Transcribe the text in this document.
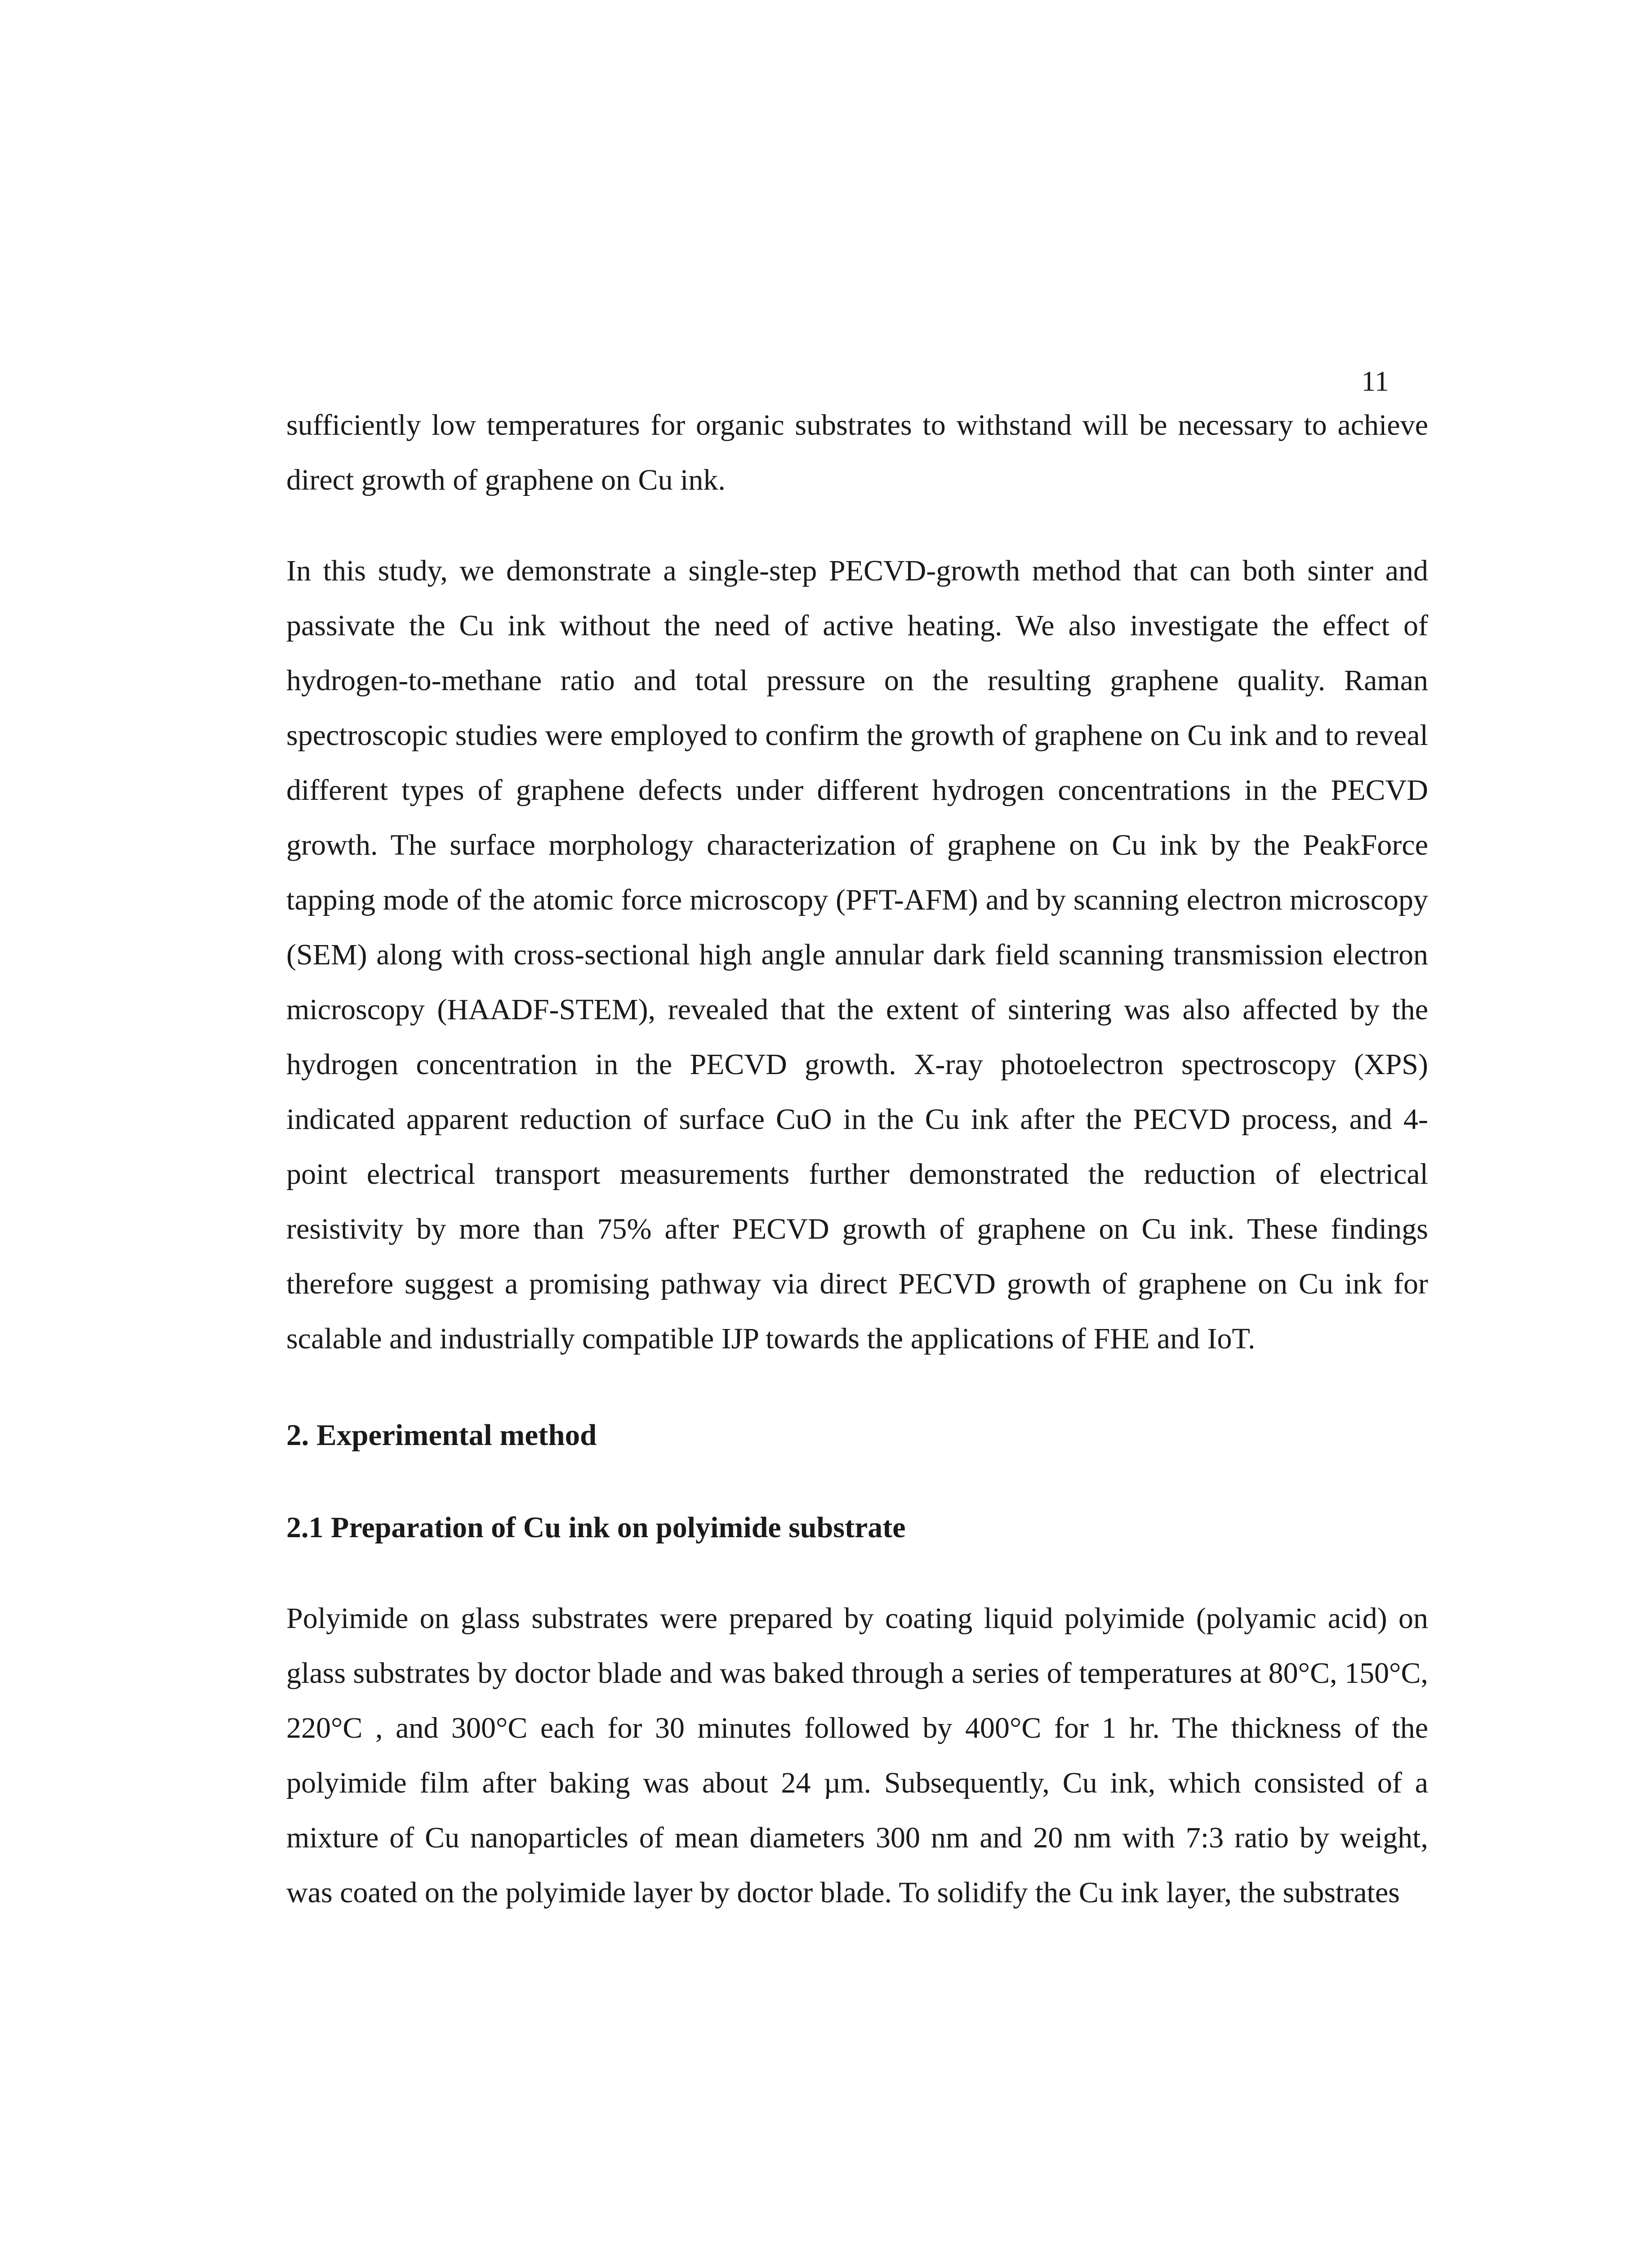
11

sufficiently low temperatures for organic substrates to withstand will be necessary to achieve direct growth of graphene on Cu ink.

In this study, we demonstrate a single-step PECVD-growth method that can both sinter and passivate the Cu ink without the need of active heating. We also investigate the effect of hydrogen-to-methane ratio and total pressure on the resulting graphene quality. Raman spectroscopic studies were employed to confirm the growth of graphene on Cu ink and to reveal different types of graphene defects under different hydrogen concentrations in the PECVD growth. The surface morphology characterization of graphene on Cu ink by the PeakForce tapping mode of the atomic force microscopy (PFT-AFM) and by scanning electron microscopy (SEM) along with cross-sectional high angle annular dark field scanning transmission electron microscopy (HAADF-STEM), revealed that the extent of sintering was also affected by the hydrogen concentration in the PECVD growth. X-ray photoelectron spectroscopy (XPS) indicated apparent reduction of surface CuO in the Cu ink after the PECVD process, and 4-point electrical transport measurements further demonstrated the reduction of electrical resistivity by more than 75% after PECVD growth of graphene on Cu ink. These findings therefore suggest a promising pathway via direct PECVD growth of graphene on Cu ink for scalable and industrially compatible IJP towards the applications of FHE and IoT.

2. Experimental method
2.1 Preparation of Cu ink on polyimide substrate

Polyimide on glass substrates were prepared by coating liquid polyimide (polyamic acid) on glass substrates by doctor blade and was baked through a series of temperatures at 80°C, 150°C, 220°C , and 300°C each for 30 minutes followed by 400°C for 1 hr. The thickness of the polyimide film after baking was about 24 µm. Subsequently, Cu ink, which consisted of a mixture of Cu nanoparticles of mean diameters 300 nm and 20 nm with 7:3 ratio by weight, was coated on the polyimide layer by doctor blade. To solidify the Cu ink layer, the substrates
